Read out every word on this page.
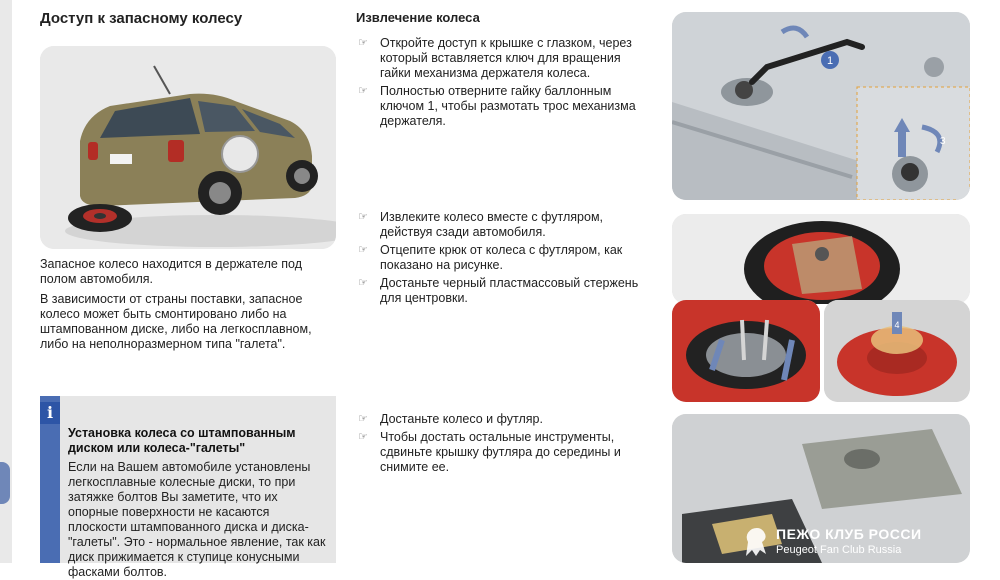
Доступ к запасному колесу
Запасное колесо находится в держателе под полом автомобиля.
В зависимости от страны поставки, запасное колесо может быть смонтировано либо на штампованном диске, либо на легкосплавном, либо на неполноразмерном типа "галета".
i
Установка колеса со штампованным диском или колеса-"галеты"
Если на Вашем автомобиле установлены легкосплавные колесные диски, то при затяжке болтов Вы заметите, что их опорные поверхности не касаются плоскости штампованного диска и диска-"галеты". Это - нормальное явление, так как диск прижимается к ступице конусными фасками болтов.
Извлечение колеса
☞ Откройте доступ к крышке с глазком, через который вставляется ключ для вращения гайки механизма держателя колеса.
☞ Полностью отверните гайку баллонным ключом 1, чтобы размотать трос механизма держателя.
☞ Извлеките колесо вместе с футляром, действуя сзади автомобиля.
☞ Отцепите крюк от колеса с футляром, как показано на рисунке.
☞ Достаньте черный пластмассовый стержень для центровки.
☞ Достаньте колесо и футляр.
☞ Чтобы достать остальные инструменты, сдвиньте крышку футляра до середины и снимите ее.
1
3
4
ПЕЖО КЛУБ РОССИ
Peugeot Fan Club Russia
